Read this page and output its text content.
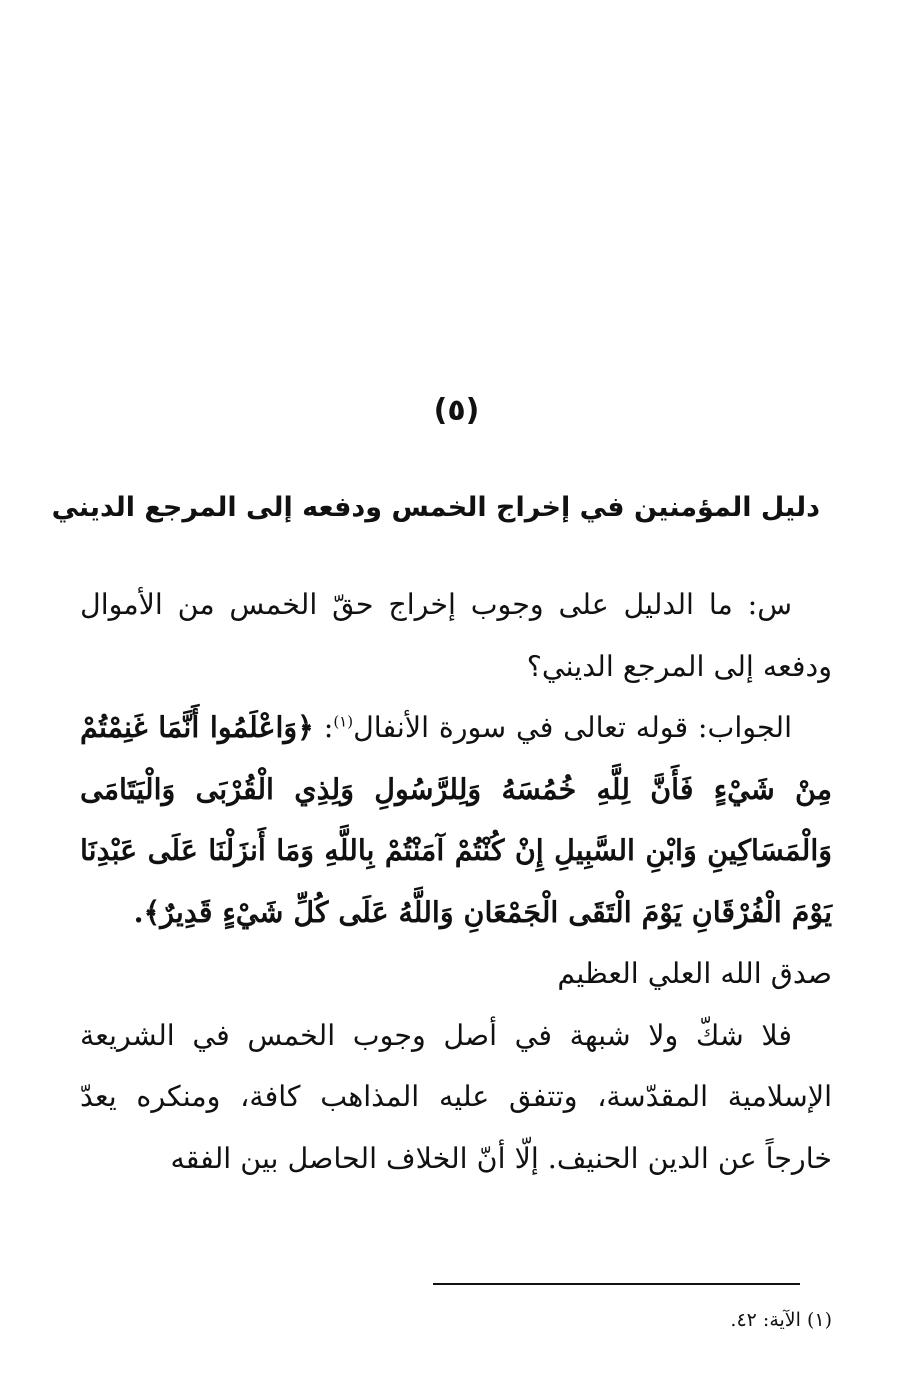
(٥)
دليل المؤمنين في إخراج الخمس ودفعه إلى المرجع الديني

س: ما الدليل على وجوب إخراج حقّ الخمس من الأموال ودفعه إلى المرجع الديني؟

الجواب: قوله تعالى في سورة الأنفال$^{(١)}$: ﴿وَاعْلَمُوا أَنَّمَا غَنِمْتُمْ مِنْ شَيْءٍ فَأَنَّ لِلَّهِ خُمُسَهُ وَلِلرَّسُولِ وَلِذِي الْقُرْبَى وَالْيَتَامَى وَالْمَسَاكِينِ وَابْنِ السَّبِيلِ إِنْ كُنْتُمْ آمَنْتُمْ بِاللَّهِ وَمَا أَنزَلْنَا عَلَى عَبْدِنَا يَوْمَ الْفُرْقَانِ يَوْمَ الْتَقَى الْجَمْعَانِ وَاللَّهُ عَلَى كُلِّ شَيْءٍ قَدِيرٌ﴾.

صدق الله العلي العظيم

فلا شكّ ولا شبهة في أصل وجوب الخمس في الشريعة الإسلامية المقدّسة، وتتفق عليه المذاهب كافة، ومنكره يعدّ خارجاً عن الدين الحنيف. إلّا أنّ الخلاف الحاصل بين الفقه

(١) الآية: ٤٢.
